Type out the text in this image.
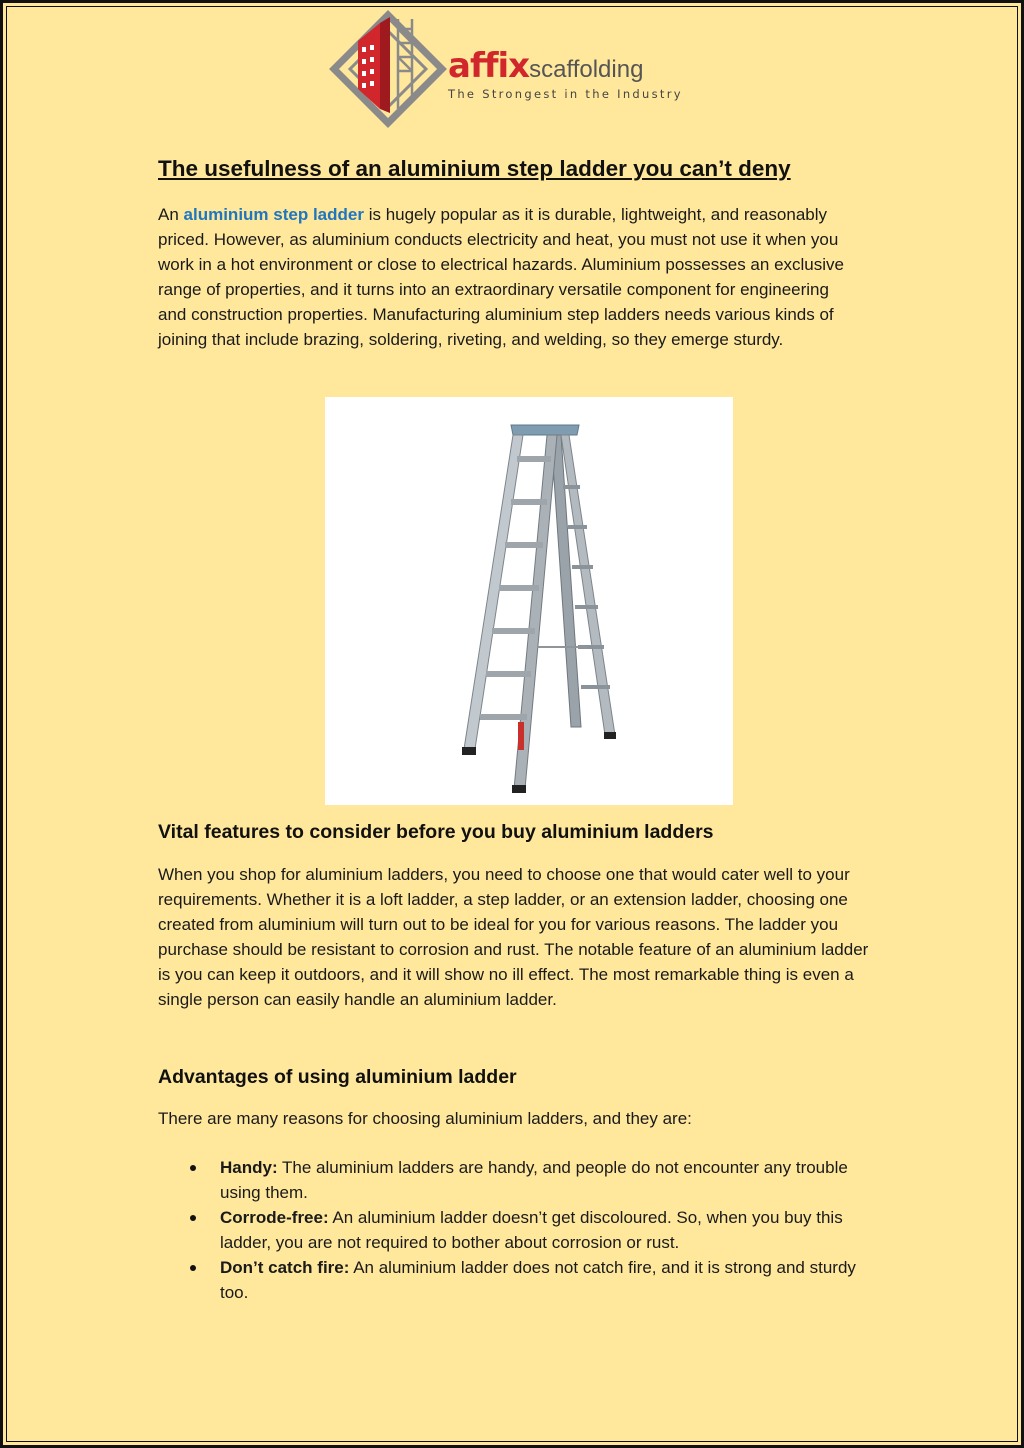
affix scaffolding
The Strongest in the Industry
The usefulness of an aluminium step ladder you can’t deny

An aluminium step ladder is hugely popular as it is durable, lightweight, and reasonably priced. However, as aluminium conducts electricity and heat, you must not use it when you work in a hot environment or close to electrical hazards. Aluminium possesses an exclusive range of properties, and it turns into an extraordinary versatile component for engineering and construction properties. Manufacturing aluminium step ladders needs various kinds of joining that include brazing, soldering, riveting, and welding, so they emerge sturdy.

Vital features to consider before you buy aluminium ladders

When you shop for aluminium ladders, you need to choose one that would cater well to your requirements. Whether it is a loft ladder, a step ladder, or an extension ladder, choosing one created from aluminium will turn out to be ideal for you for various reasons. The ladder you purchase should be resistant to corrosion and rust. The notable feature of an aluminium ladder is you can keep it outdoors, and it will show no ill effect. The most remarkable thing is even a single person can easily handle an aluminium ladder.

Advantages of using aluminium ladder

There are many reasons for choosing aluminium ladders, and they are:

Handy: The aluminium ladders are handy, and people do not encounter any trouble using them.
Corrode-free: An aluminium ladder doesn’t get discoloured. So, when you buy this ladder, you are not required to bother about corrosion or rust.
Don’t catch fire: An aluminium ladder does not catch fire, and it is strong and sturdy too.
